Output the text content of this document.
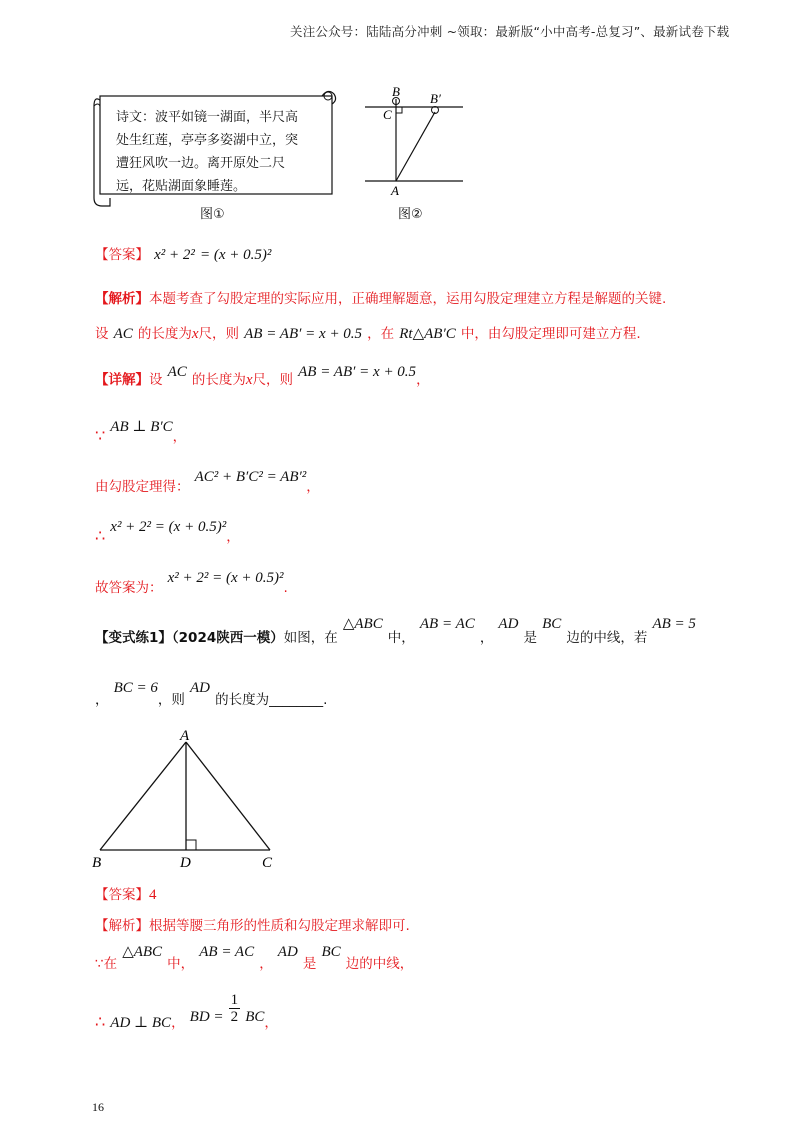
关注公众号：陆陆高分冲刺 ~领取：最新版“小中高考-总复习”、最新试卷下载
诗文：波平如镜一湖面，半尺高
处生红莲，亭亭多姿湖中立，突
遭狂风吹一边。离开原处二尺
远，花贴湖面象睡莲。
图①
B B′
C
A
图②
【答案】 x² + 2² = (x + 0.5)²
【解析】本题考查了勾股定理的实际应用，正确理解题意，运用勾股定理建立方程是解题的关键.
设 AC 的长度为x尺，则 AB = AB′ = x + 0.5 ，在 Rt△AB′C 中，由勾股定理即可建立方程.
【详解】设 AC 的长度为x尺，则 AB = AB′ = x + 0.5，
∵ AB ⊥ $B'C_,$
$_{由勾股定理得:}$ $AC^2 + B'C^2 = AB'^2_,$
∴ $x^2 + 2^2 = (x + 0.5)^2_,$
$_{故答案为:}$ $x^2 + 2^2 = (x + 0.5)^2_.$
$_{【变式练1】(2024陕西一模)如图,在}$ △ABC $_{中,}$ AB = AC $_,$ AD $_是$ BC $_{边的中线,若}$ AB = 5
$_,$ BC = $6_{,则}$ AD $_{的长度为\_\_\_\_\_\_\_\_.}$
A
B	D	C
【答案】4
【解析】根据等腰三角形的性质和勾股定理求解即可.
$_{\because 在}$ △ABC $_{中,}$ AB = AC $_,$ AD $_是$ BC $_{边的中线,}$
∴ AD ⊥ $BC_,$ BD = $\frac{1}{2} BC_,$
16
